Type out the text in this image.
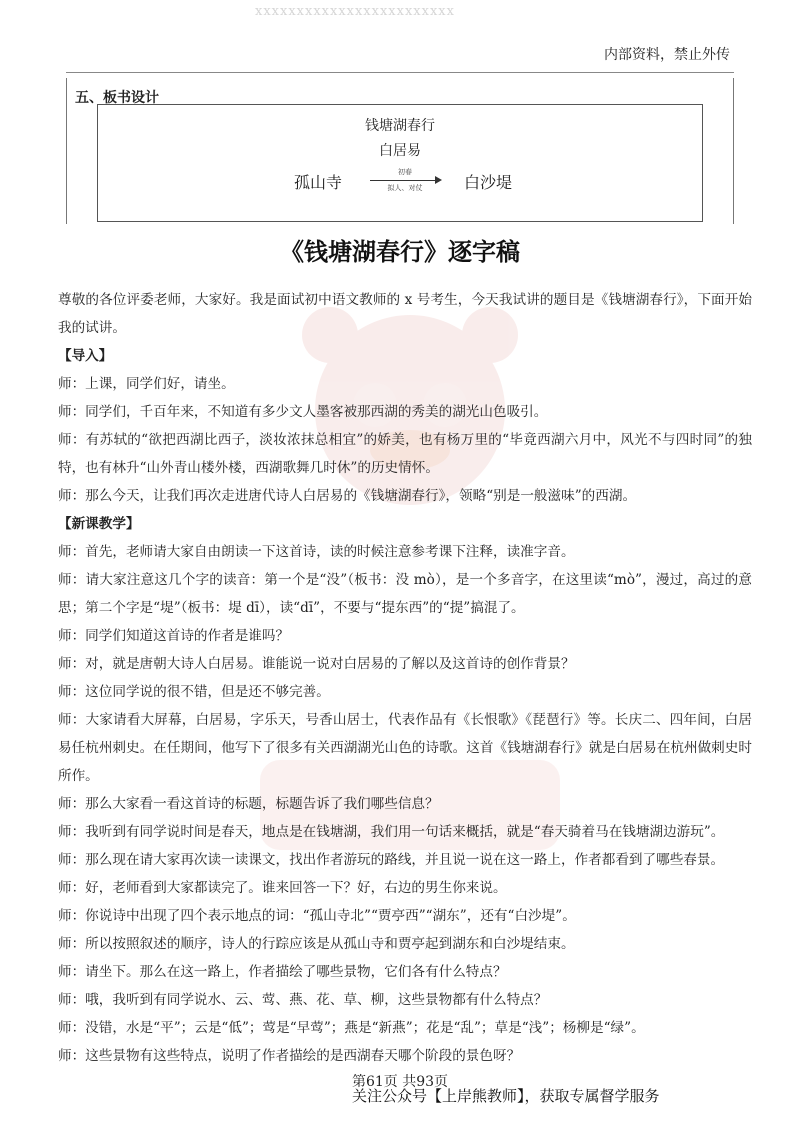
xxxxxxxxxxxxxxxxxxxxxxxx
内部资料，禁止外传
五、板书设计
钱塘湖春行
白居易
孤山寺
初春
拟人、对仗	白沙堤
《钱塘湖春行》逐字稿

尊敬的各位评委老师，大家好。我是面试初中语文教师的 x 号考生，今天我试讲的题目是《钱塘湖春行》，下面开始我的试讲。

【导入】

师：上课，同学们好，请坐。

师：同学们，千百年来，不知道有多少文人墨客被那西湖的秀美的湖光山色吸引。

师：有苏轼的“欲把西湖比西子，淡妆浓抹总相宜”的娇美，也有杨万里的“毕竟西湖六月中，风光不与四时同”的独特，也有林升“山外青山楼外楼，西湖歌舞几时休”的历史情怀。

师：那么今天，让我们再次走进唐代诗人白居易的《钱塘湖春行》，领略“别是一般滋味”的西湖。

【新课教学】

师：首先，老师请大家自由朗读一下这首诗，读的时候注意参考课下注释，读准字音。

师：请大家注意这几个字的读音：第一个是“没”（板书：没 mò），是一个多音字，在这里读“mò”，漫过，高过的意思；第二个字是“堤”（板书：堤 dī），读“dī”，不要与“提东西”的“提”搞混了。

师：同学们知道这首诗的作者是谁吗？

师：对，就是唐朝大诗人白居易。谁能说一说对白居易的了解以及这首诗的创作背景？

师：这位同学说的很不错，但是还不够完善。

师：大家请看大屏幕，白居易，字乐天，号香山居士，代表作品有《长恨歌》《琵琶行》等。长庆二、四年间，白居易任杭州刺史。在任期间，他写下了很多有关西湖湖光山色的诗歌。这首《钱塘湖春行》就是白居易在杭州做刺史时所作。

师：那么大家看一看这首诗的标题，标题告诉了我们哪些信息？

师：我听到有同学说时间是春天，地点是在钱塘湖，我们用一句话来概括，就是“春天骑着马在钱塘湖边游玩”。

师：那么现在请大家再次读一读课文，找出作者游玩的路线，并且说一说在这一路上，作者都看到了哪些春景。

师：好，老师看到大家都读完了。谁来回答一下？好，右边的男生你来说。

师：你说诗中出现了四个表示地点的词：“孤山寺北”“贾亭西”“湖东”，还有“白沙堤”。

师：所以按照叙述的顺序，诗人的行踪应该是从孤山寺和贾亭起到湖东和白沙堤结束。

师：请坐下。那么在这一路上，作者描绘了哪些景物，它们各有什么特点？

师：哦，我听到有同学说水、云、莺、燕、花、草、柳，这些景物都有什么特点？

师：没错，水是“平”；云是“低”；莺是“早莺”；燕是“新燕”；花是“乱”；草是“浅”；杨柳是“绿”。

师：这些景物有这些特点，说明了作者描绘的是西湖春天哪个阶段的景色呀？

第61页 共93页
关注公众号【上岸熊教师】，获取专属督学服务
